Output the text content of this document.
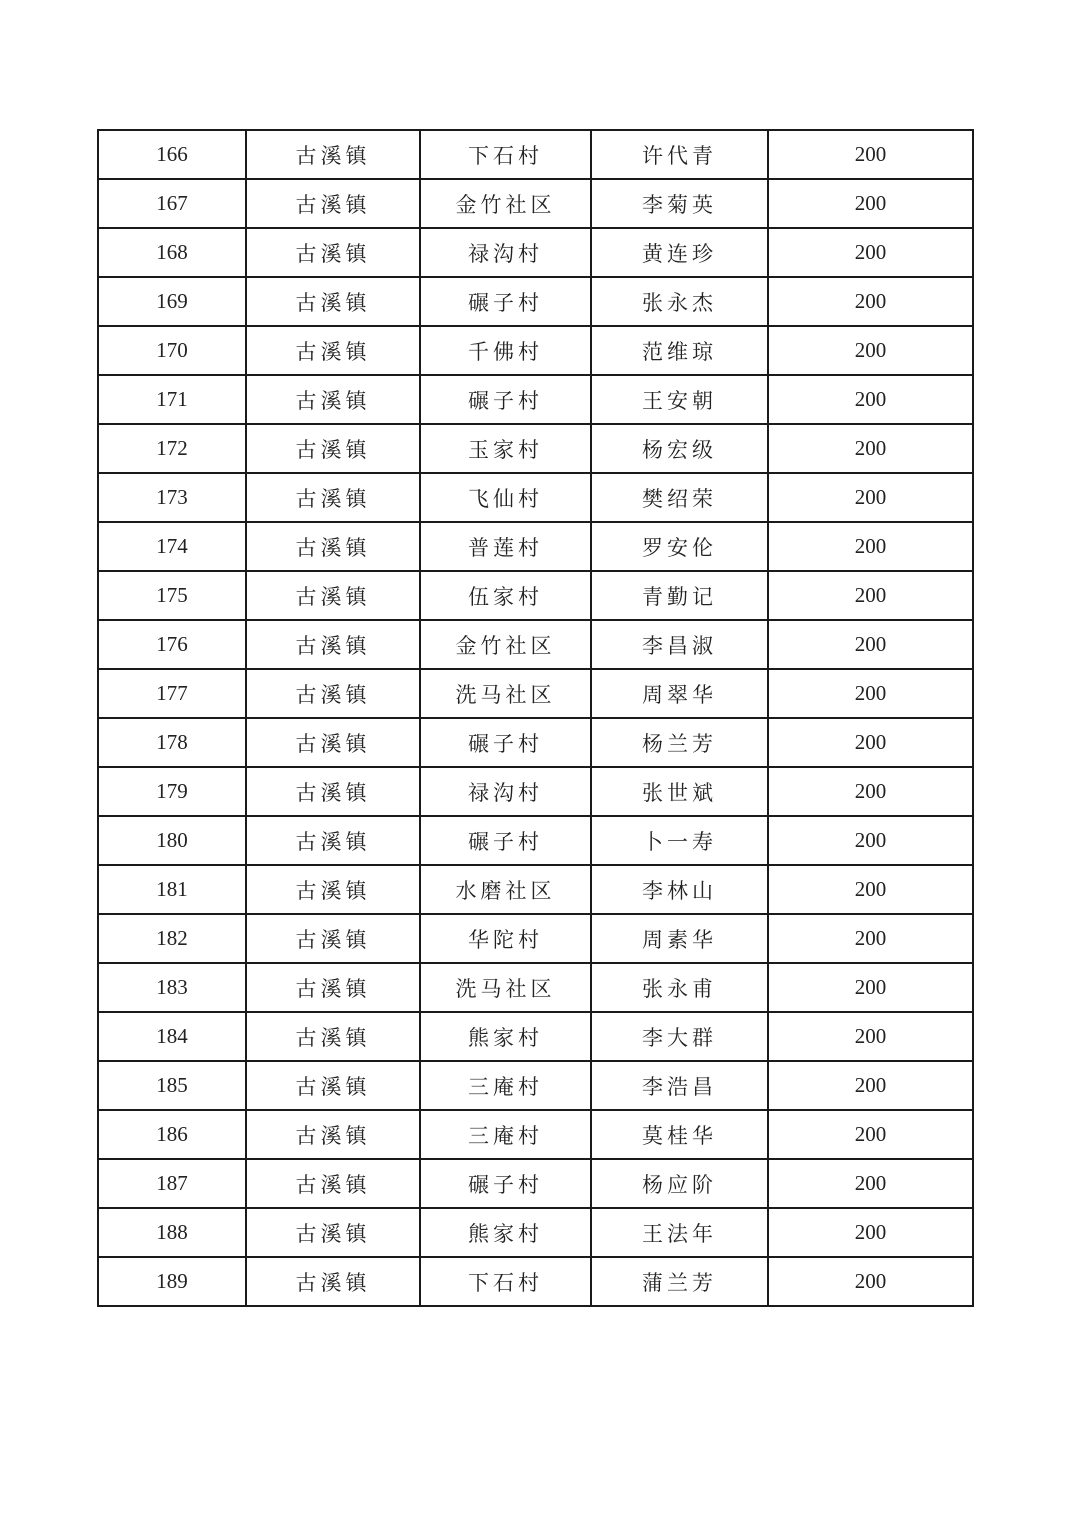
166	古溪镇	下石村	许代青	200
167	古溪镇	金竹社区	李菊英	200
168	古溪镇	禄沟村	黄连珍	200
169	古溪镇	碾子村	张永杰	200
170	古溪镇	千佛村	范维琼	200
171	古溪镇	碾子村	王安朝	200
172	古溪镇	玉家村	杨宏级	200
173	古溪镇	飞仙村	樊绍荣	200
174	古溪镇	普莲村	罗安伦	200
175	古溪镇	伍家村	青勤记	200
176	古溪镇	金竹社区	李昌淑	200
177	古溪镇	洗马社区	周翠华	200
178	古溪镇	碾子村	杨兰芳	200
179	古溪镇	禄沟村	张世斌	200
180	古溪镇	碾子村	卜一寿	200
181	古溪镇	水磨社区	李林山	200
182	古溪镇	华陀村	周素华	200
183	古溪镇	洗马社区	张永甫	200
184	古溪镇	熊家村	李大群	200
185	古溪镇	三庵村	李浩昌	200
186	古溪镇	三庵村	莫桂华	200
187	古溪镇	碾子村	杨应阶	200
188	古溪镇	熊家村	王法年	200
189	古溪镇	下石村	蒲兰芳	200
